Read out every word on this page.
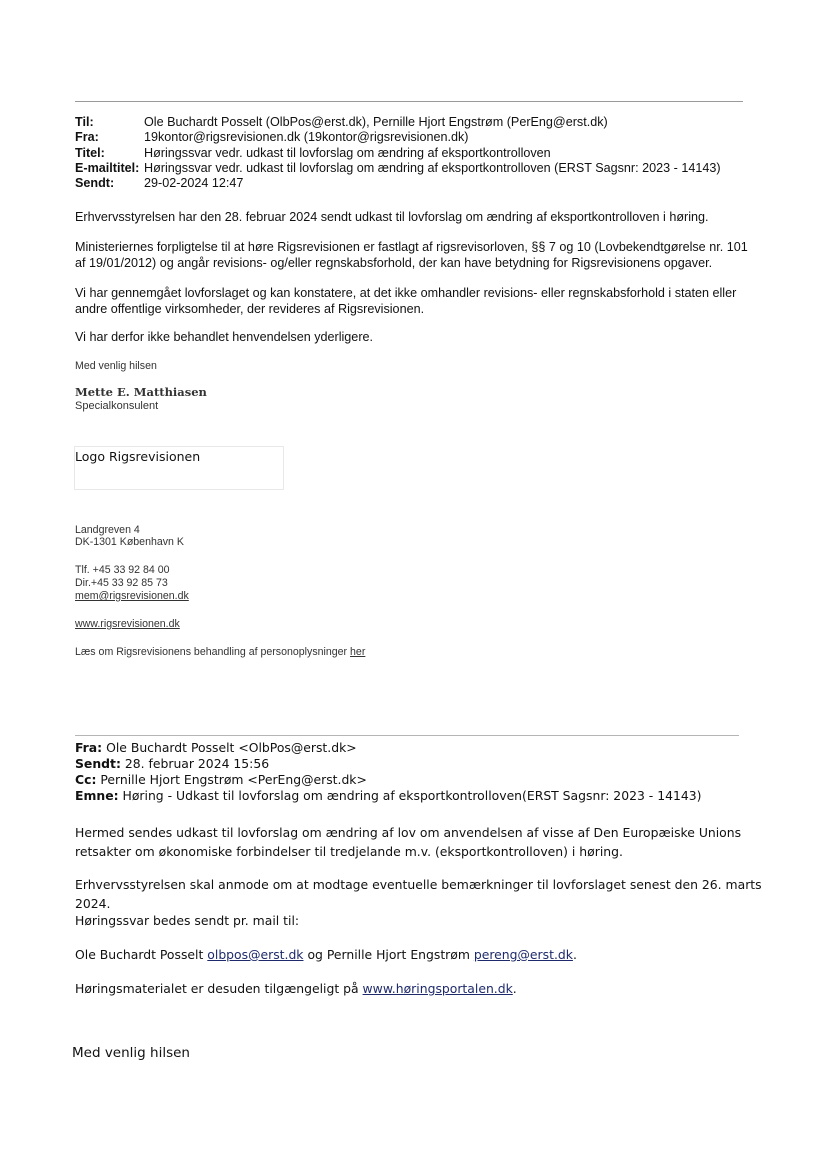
Til:	Ole Buchardt Posselt (OlbPos@erst.dk), Pernille Hjort Engstrøm (PerEng@erst.dk)
Fra:	19kontor@rigsrevisionen.dk (19kontor@rigsrevisionen.dk)
Titel:	Høringssvar vedr. udkast til lovforslag om ændring af eksportkontrolloven
E-mailtitel: Høringssvar vedr. udkast til lovforslag om ændring af eksportkontrolloven (ERST Sagsnr: 2023 - 14143)
Sendt:	29-02-2024 12:47

Erhvervsstyrelsen har den 28. februar 2024 sendt udkast til lovforslag om ændring af eksportkontrolloven i høring.

Ministeriernes forpligtelse til at høre Rigsrevisionen er fastlagt af rigsrevisorloven, §§ 7 og 10 (Lovbekendtgørelse nr. 101 af 19/01/2012) og angår revisions- og/eller regnskabsforhold, der kan have betydning for Rigsrevisionens opgaver.

Vi har gennemgået lovforslaget og kan konstatere, at det ikke omhandler revisions- eller regnskabsforhold i staten eller andre offentlige virksomheder, der revideres af Rigsrevisionen.

Vi har derfor ikke behandlet henvendelsen yderligere.

Med venlig hilsen

Mette E. Matthiasen
Specialkonsulent
Logo Rigsrevisionen

Landgreven 4

DK-1301 København K

Tlf. +45 33 92 84 00

Dir.+45 33 92 85 73

mem@rigsrevisionen.dk

www.rigsrevisionen.dk

Læs om Rigsrevisionens behandling af personoplysninger her

Fra: Ole Buchardt Posselt <OlbPos@erst.dk>

Sendt: 28. februar 2024 15:56

Cc: Pernille Hjort Engstrøm <PerEng@erst.dk>

Emne: Høring - Udkast til lovforslag om ændring af eksportkontrolloven(ERST Sagsnr: 2023 - 14143)

Hermed sendes udkast til lovforslag om ændring af lov om anvendelsen af visse af Den Europæiske Unions retsakter om økonomiske forbindelser til tredjelande m.v. (eksportkontrolloven) i høring.

Erhvervsstyrelsen skal anmode om at modtage eventuelle bemærkninger til lovforslaget senest den 26. marts 2024.

Høringssvar bedes sendt pr. mail til:

Ole Buchardt Posselt olbpos@erst.dk og Pernille Hjort Engstrøm pereng@erst.dk.

Høringsmaterialet er desuden tilgængeligt på www.høringsportalen.dk.

Med venlig hilsen
